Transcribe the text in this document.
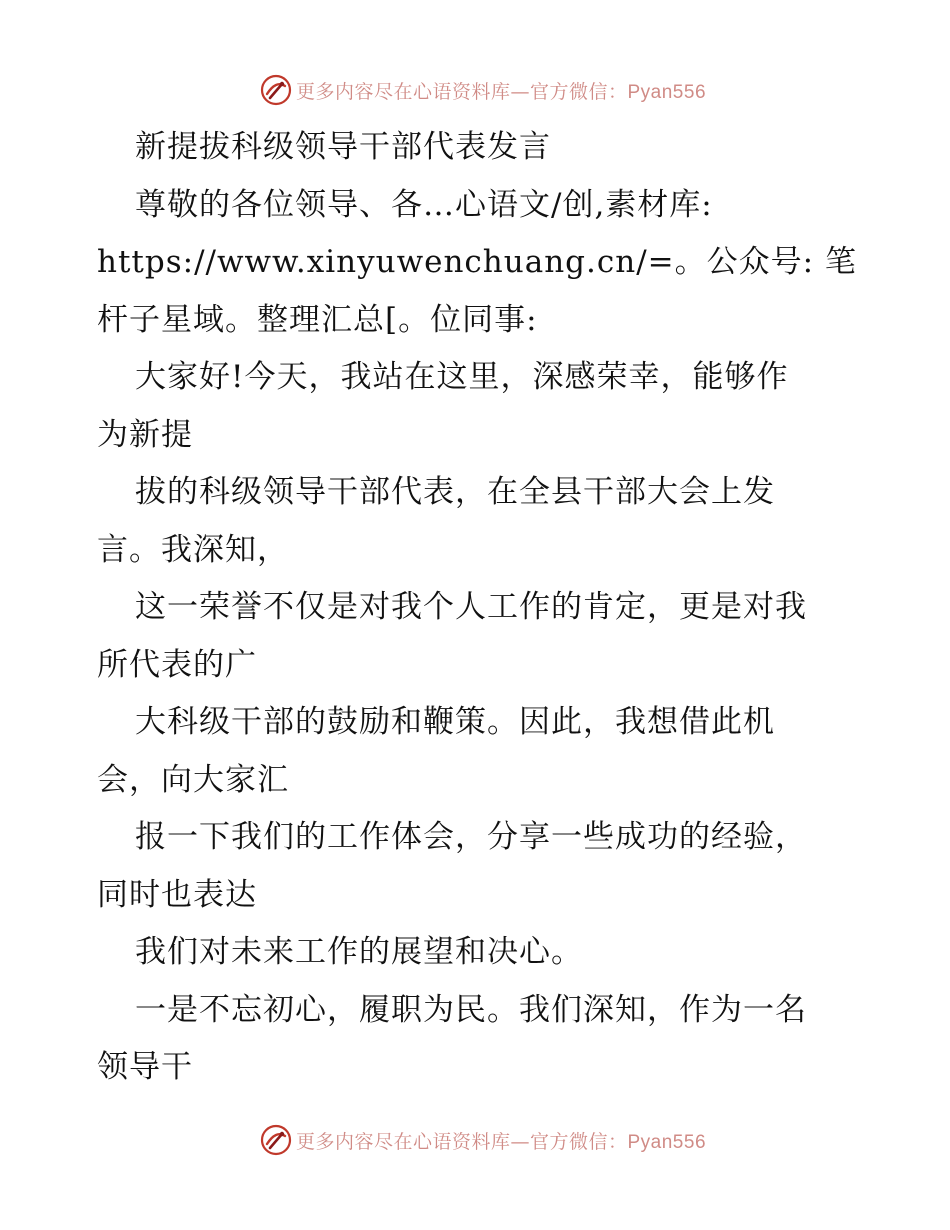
更多内容尽在心语资料库—官方微信：Pyan556
新提拔科级领导干部代表发言
尊敬的各位领导、各…心语文/创,素材库:
https://www.xinyuwenchuang.cn/=。公众号: 笔
杆子星域。整理汇总[。位同事:
大家好!今天，我站在这里，深感荣幸，能够作
为新提
拔的科级领导干部代表，在全县干部大会上发
言。我深知，
这一荣誉不仅是对我个人工作的肯定，更是对我
所代表的广
大科级干部的鼓励和鞭策。因此，我想借此机
会，向大家汇
报一下我们的工作体会，分享一些成功的经验，
同时也表达
我们对未来工作的展望和决心。
一是不忘初心，履职为民。我们深知，作为一名
领导干
更多内容尽在心语资料库—官方微信：Pyan556
